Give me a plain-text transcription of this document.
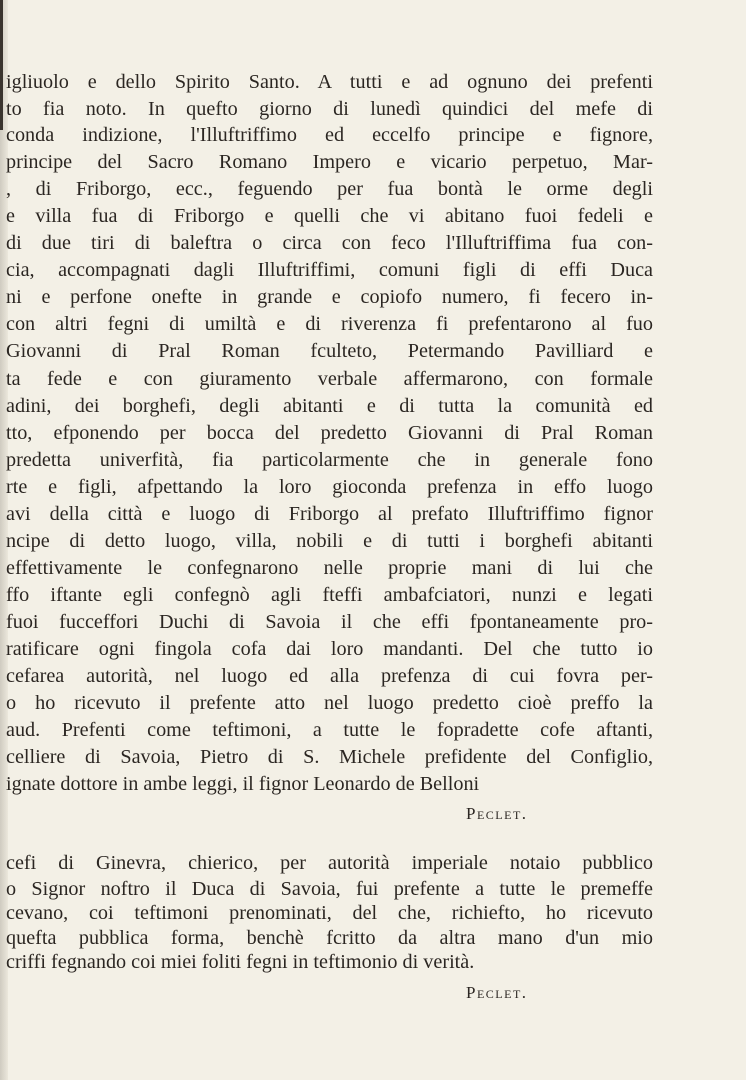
igliuolo e dello Spirito Santo. A tutti e ad ognuno dei prefenti
to fia noto. In quefto giorno di lunedì quindici del mefe di
conda indizione, l'Illuftriffimo ed eccelfo principe e fignore,
principe del Sacro Romano Impero e vicario perpetuo, Mar-
, di Friborgo, ecc., feguendo per fua bontà le orme degli
e villa fua di Friborgo e quelli che vi abitano fuoi fedeli e
di due tiri di baleftra o circa con feco l'Illuftriffima fua con-
cia, accompagnati dagli Illuftriffimi, comuni figli di effi Duca
ni e perfone onefte in grande e copiofo numero, fi fecero in-
con altri fegni di umiltà e di riverenza fi prefentarono al fuo
Giovanni di Pral Roman fculteto, Petermando Pavilliard e
ta fede e con giuramento verbale affermarono, con formale
adini, dei borghefi, degli abitanti e di tutta la comunità ed
tto, efponendo per bocca del predetto Giovanni di Pral Roman
predetta univerfità, fia particolarmente che in generale fono
rte e figli, afpettando la loro gioconda prefenza in effo luogo
avi della città e luogo di Friborgo al prefato Illuftriffimo fignor
ncipe di detto luogo, villa, nobili e di tutti i borghefi abitanti
effettivamente le confegnarono nelle proprie mani di lui che
ffo iftante egli confegnò agli fteffi ambafciatori, nunzi e legati
fuoi fucceffori Duchi di Savoia il che effi fpontaneamente pro-
ratificare ogni fingola cofa dai loro mandanti. Del che tutto io
cefarea autorità, nel luogo ed alla prefenza di cui fovra per-
o ho ricevuto il prefente atto nel luogo predetto cioè preffo la
aud. Prefenti come teftimoni, a tutte le fopradette cofe aftanti,
celliere di Savoia, Pietro di S. Michele prefidente del Configlio,
ignate dottore in ambe leggi, il fignor Leonardo de Belloni
Peclet.
cefi di Ginevra, chierico, per autorità imperiale notaio pubblico
o Signor noftro il Duca di Savoia, fui prefente a tutte le premeffe
cevano, coi teftimoni prenominati, del che, richiefto, ho ricevuto
quefta pubblica forma, benchè fcritto da altra mano d'un mio
criffi fegnando coi miei foliti fegni in teftimonio di verità.
Peclet.
